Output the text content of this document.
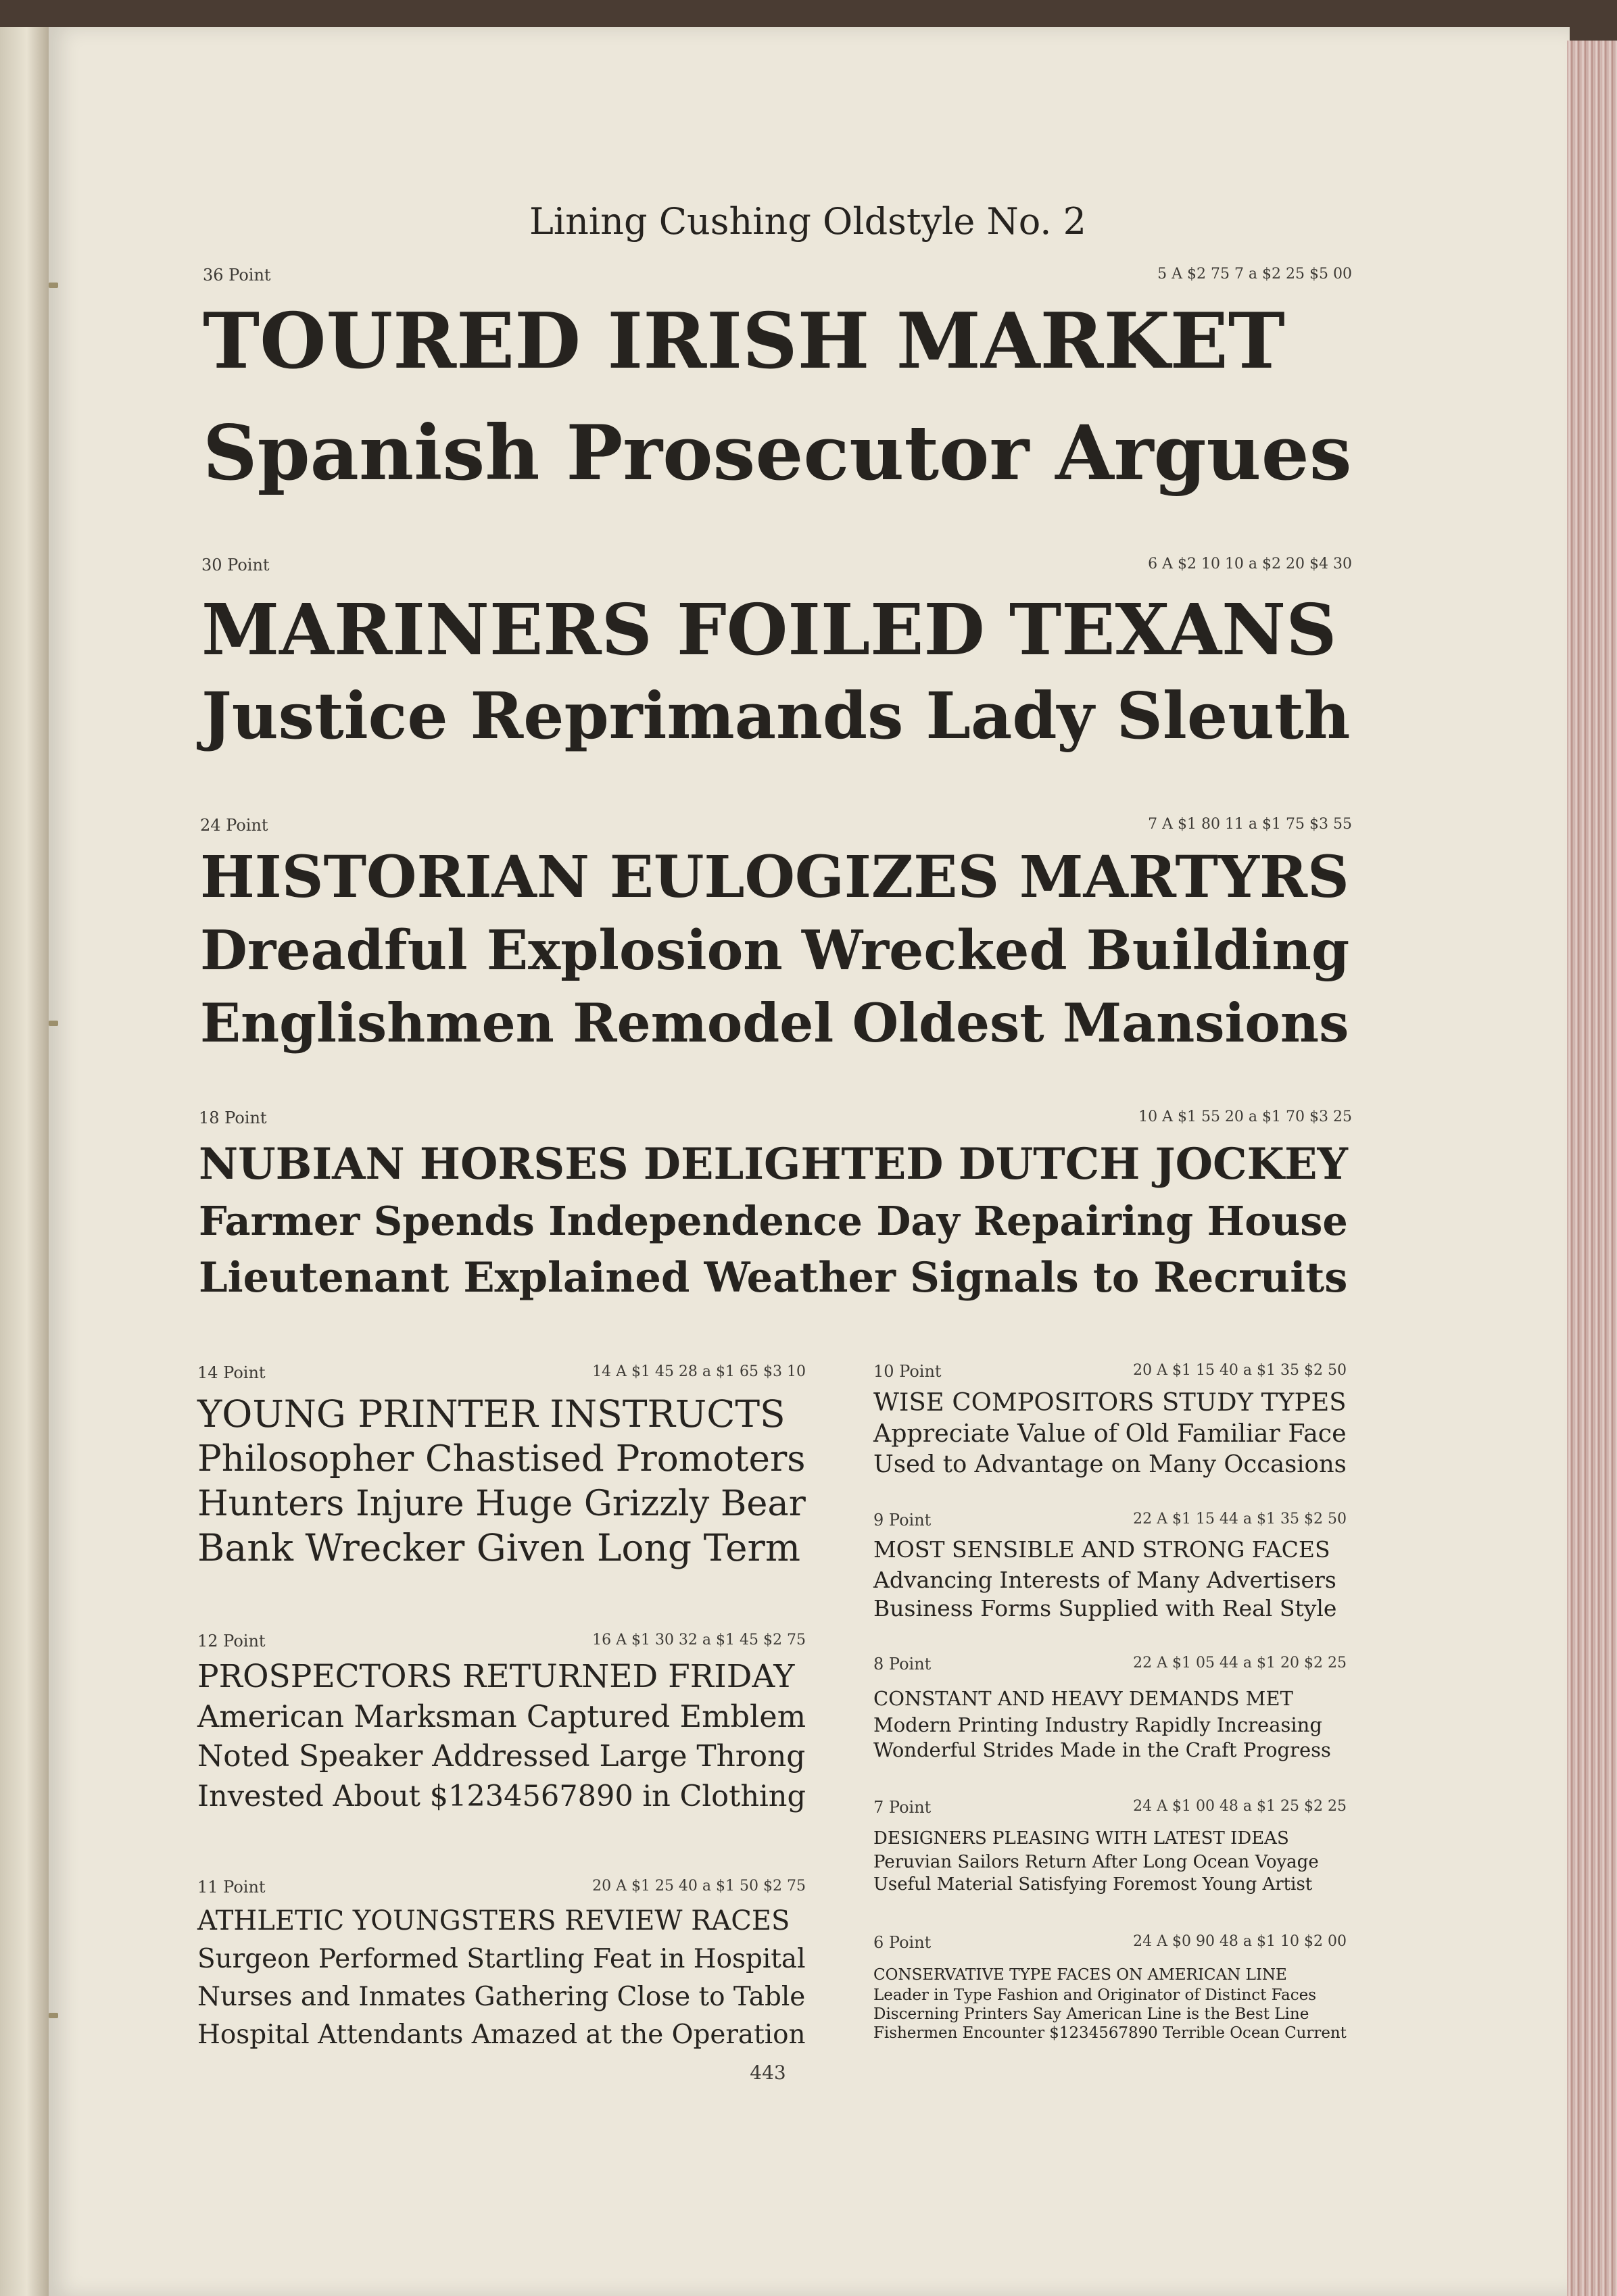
Lining Cushing Oldstyle No. 2
36 Point	5 A $2 75 7 a $2 25 $5 00
TOURED IRISH MARKET
Spanish Prosecutor Argues
30 Point	6 A $2 10 10 a $2 20 $4 30
MARINERS FOILED TEXANS
Justice Reprimands Lady Sleuth
24 Point	7 A $1 80 11 a $1 75 $3 55
HISTORIAN EULOGIZES MARTYRS
Dreadful Explosion Wrecked Building
Englishmen Remodel Oldest Mansions
18 Point	10 A $1 55 20 a $1 70 $3 25
NUBIAN HORSES DELIGHTED DUTCH JOCKEY
Farmer Spends Independence Day Repairing House
Lieutenant Explained Weather Signals to Recruits
14 Point	14 A $1 45 28 a $1 65 $3 10
YOUNG PRINTER INSTRUCTS
Philosopher Chastised Promoters
Hunters Injure Huge Grizzly Bear
Bank Wrecker Given Long Term
12 Point	16 A $1 30 32 a $1 45 $2 75
PROSPECTORS RETURNED FRIDAY
American Marksman Captured Emblem
Noted Speaker Addressed Large Throng
Invested About $1234567890 in Clothing
11 Point	20 A $1 25 40 a $1 50 $2 75
ATHLETIC YOUNGSTERS REVIEW RACES
Surgeon Performed Startling Feat in Hospital
Nurses and Inmates Gathering Close to Table
Hospital Attendants Amazed at the Operation
10 Point	20 A $1 15 40 a $1 35 $2 50
WISE COMPOSITORS STUDY TYPES
Appreciate Value of Old Familiar Face
Used to Advantage on Many Occasions
9 Point	22 A $1 15 44 a $1 35 $2 50
MOST SENSIBLE AND STRONG FACES
Advancing Interests of Many Advertisers
Business Forms Supplied with Real Style
8 Point	22 A $1 05 44 a $1 20 $2 25
CONSTANT AND HEAVY DEMANDS MET
Modern Printing Industry Rapidly Increasing
Wonderful Strides Made in the Craft Progress
7 Point	24 A $1 00 48 a $1 25 $2 25
DESIGNERS PLEASING WITH LATEST IDEAS
Peruvian Sailors Return After Long Ocean Voyage
Useful Material Satisfying Foremost Young Artist
6 Point	24 A $0 90 48 a $1 10 $2 00
CONSERVATIVE TYPE FACES ON AMERICAN LINE
Leader in Type Fashion and Originator of Distinct Faces
Discerning Printers Say American Line is the Best Line
Fishermen Encounter $1234567890 Terrible Ocean Current
443
